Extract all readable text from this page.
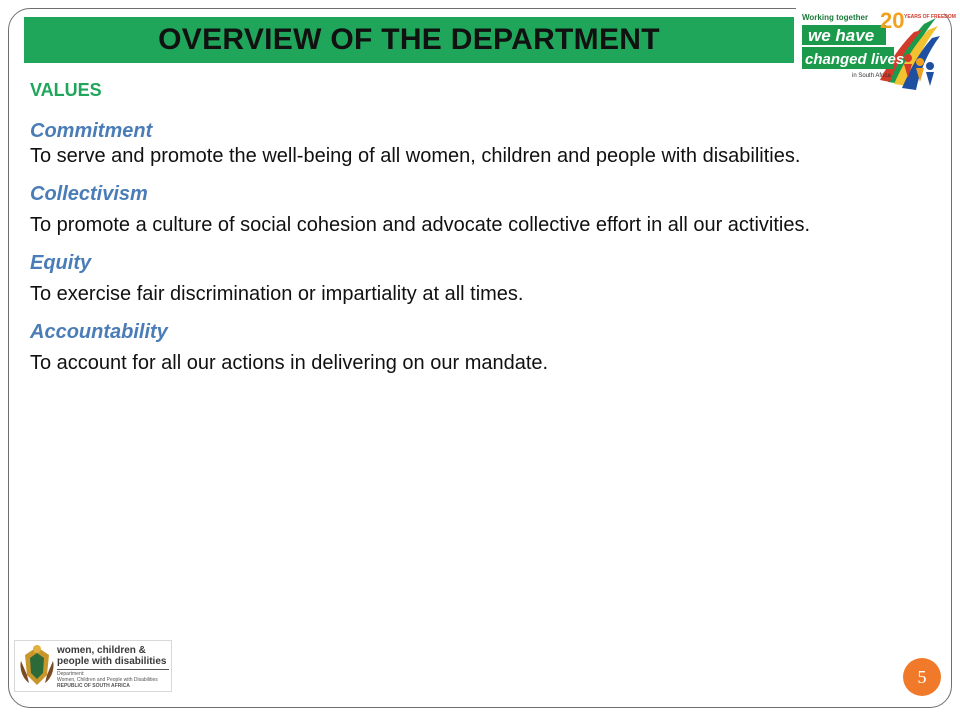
OVERVIEW OF THE DEPARTMENT
Working together
we have
changed lives
in South Africa
20 YEARS OF FREEDOM
VALUES
Commitment
To serve and promote the well-being of all women, children and people with disabilities.
Collectivism
To promote a culture of social cohesion and advocate collective effort in all our activities.
Equity
To exercise fair discrimination or impartiality at all times.
Accountability
To account for all our actions in delivering on our mandate.
women, children &
people with disabilities
Department:
Women, Children and People with Disabilities
REPUBLIC OF SOUTH AFRICA	5
